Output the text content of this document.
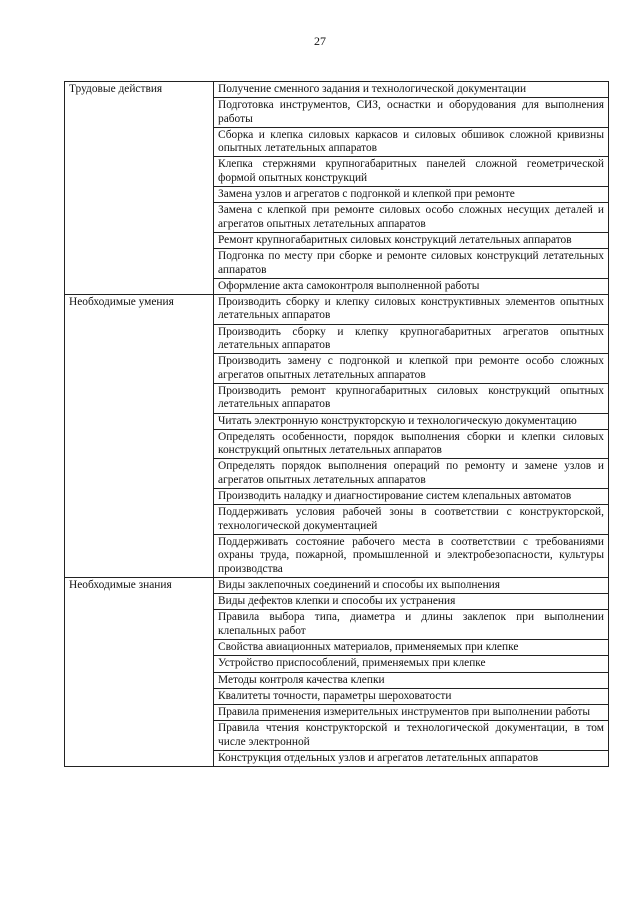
27
Трудовые действия	Получение сменного задания и технологической документации
	Подготовка инструментов, СИЗ, оснастки и оборудования для выполнения работы
	Сборка и клепка силовых каркасов и силовых обшивок сложной кривизны опытных летательных аппаратов
	Клепка стержнями крупногабаритных панелей сложной геометрической формой опытных конструкций
	Замена узлов и агрегатов с подгонкой и клепкой при ремонте
	Замена с клепкой при ремонте силовых особо сложных несущих деталей и агрегатов опытных летательных аппаратов
	Ремонт крупногабаритных силовых конструкций летательных аппаратов
	Подгонка по месту при сборке и ремонте силовых конструкций летательных аппаратов
	Оформление акта самоконтроля выполненной работы
Необходимые умения	Производить сборку и клепку силовых конструктивных элементов опытных летательных аппаратов
	Производить сборку и клепку крупногабаритных агрегатов опытных летательных аппаратов
	Производить замену с подгонкой и клепкой при ремонте особо сложных агрегатов опытных летательных аппаратов
	Производить ремонт крупногабаритных силовых конструкций опытных летательных аппаратов
	Читать электронную конструкторскую и технологическую документацию
	Определять особенности, порядок выполнения сборки и клепки силовых конструкций опытных летательных аппаратов
	Определять порядок выполнения операций по ремонту и замене узлов и агрегатов опытных летательных аппаратов
	Производить наладку и диагностирование систем клепальных автоматов
	Поддерживать условия рабочей зоны в соответствии с конструкторской, технологической документацией
	Поддерживать состояние рабочего места в соответствии с требованиями охраны труда, пожарной, промышленной и электробезопасности, культуры производства
Необходимые знания	Виды заклепочных соединений и способы их выполнения
	Виды дефектов клепки и способы их устранения
	Правила выбора типа, диаметра и длины заклепок при выполнении клепальных работ
	Свойства авиационных материалов, применяемых при клепке
	Устройство приспособлений, применяемых при клепке
	Методы контроля качества клепки
	Квалитеты точности, параметры шероховатости
	Правила применения измерительных инструментов при выполнении работы
	Правила чтения конструкторской и технологической документации, в том числе электронной
	Конструкция отдельных узлов и агрегатов летательных аппаратов
